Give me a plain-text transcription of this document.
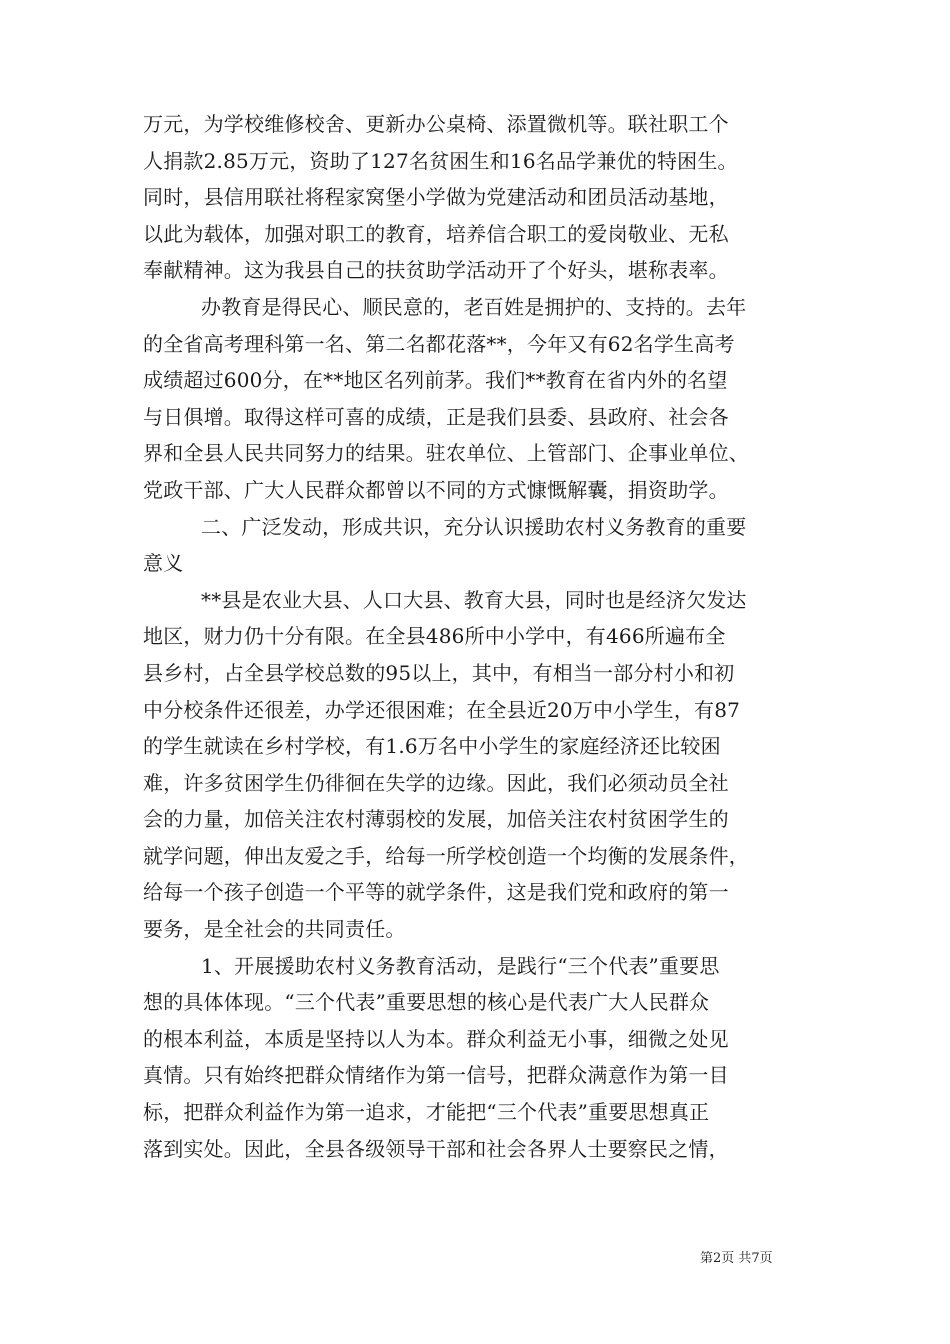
万元，为学校维修校舍、更新办公桌椅、添置微机等。联社职工个
人捐款2.85万元，资助了127名贫困生和16名品学兼优的特困生。
同时，县信用联社将程家窝堡小学做为党建活动和团员活动基地，
以此为载体，加强对职工的教育，培养信合职工的爱岗敬业、无私
奉献精神。这为我县自己的扶贫助学活动开了个好头，堪称表率。
办教育是得民心、顺民意的，老百姓是拥护的、支持的。去年
的全省高考理科第一名、第二名都花落**，今年又有62名学生高考
成绩超过600分，在**地区名列前茅。我们**教育在省内外的名望
与日俱增。取得这样可喜的成绩，正是我们县委、县政府、社会各
界和全县人民共同努力的结果。驻农单位、上管部门、企事业单位、
党政干部、广大人民群众都曾以不同的方式慷慨解囊，捐资助学。
二、广泛发动，形成共识，充分认识援助农村义务教育的重要
意义
**县是农业大县、人口大县、教育大县，同时也是经济欠发达
地区，财力仍十分有限。在全县486所中小学中，有466所遍布全
县乡村，占全县学校总数的95以上，其中，有相当一部分村小和初
中分校条件还很差，办学还很困难；在全县近20万中小学生，有87
的学生就读在乡村学校，有1.6万名中小学生的家庭经济还比较困
难，许多贫困学生仍徘徊在失学的边缘。因此，我们必须动员全社
会的力量，加倍关注农村薄弱校的发展，加倍关注农村贫困学生的
就学问题，伸出友爱之手，给每一所学校创造一个均衡的发展条件，
给每一个孩子创造一个平等的就学条件，这是我们党和政府的第一
要务，是全社会的共同责任。
1、开展援助农村义务教育活动，是践行“三个代表”重要思
想的具体体现。“三个代表”重要思想的核心是代表广大人民群众
的根本利益，本质是坚持以人为本。群众利益无小事，细微之处见
真情。只有始终把群众情绪作为第一信号，把群众满意作为第一目
标，把群众利益作为第一追求，才能把“三个代表”重要思想真正
落到实处。因此，全县各级领导干部和社会各界人士要察民之情，
第2页 共7页
